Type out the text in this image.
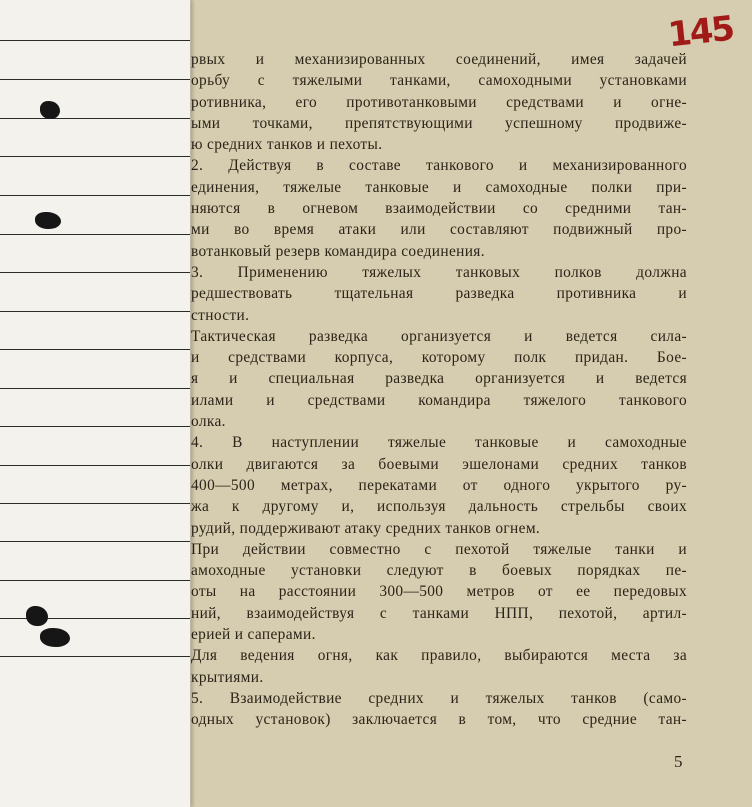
145
рвых и механизированных соединений, имея задачей
орьбу с тяжелыми танками, самоходными установками
ротивника, его противотанковыми средствами и огне-
ыми точками, препятствующими успешному продвиже-
ю средних танков и пехоты.
2. Действуя в составе танкового и механизированного
единения, тяжелые танковые и самоходные полки при-
няются в огневом взаимодействии со средними тан-
ми во время атаки или составляют подвижный про-
вотанковый резерв командира соединения.
3. Применению тяжелых танковых полков должна
редшествовать тщательная разведка противника и
стности.
Тактическая разведка организуется и ведется сила-
и средствами корпуса, которому полк придан. Бое-
я и специальная разведка организуется и ведется
илами и средствами командира тяжелого танкового
олка.
4. В наступлении тяжелые танковые и самоходные
олки двигаются за боевыми эшелонами средних танков
400—500 метрах, перекатами от одного укрытого ру-
жа к другому и, используя дальность стрельбы своих
рудий, поддерживают атаку средних танков огнем.
При действии совместно с пехотой тяжелые танки и
амоходные установки следуют в боевых порядках пе-
оты на расстоянии 300—500 метров от ее передовых
ний, взаимодействуя с танками НПП, пехотой, артил-
ерией и саперами.
Для ведения огня, как правило, выбираются места за
крытиями.
5. Взаимодействие средних и тяжелых танков (само-
одных установок) заключается в том, что средние тан-
5
